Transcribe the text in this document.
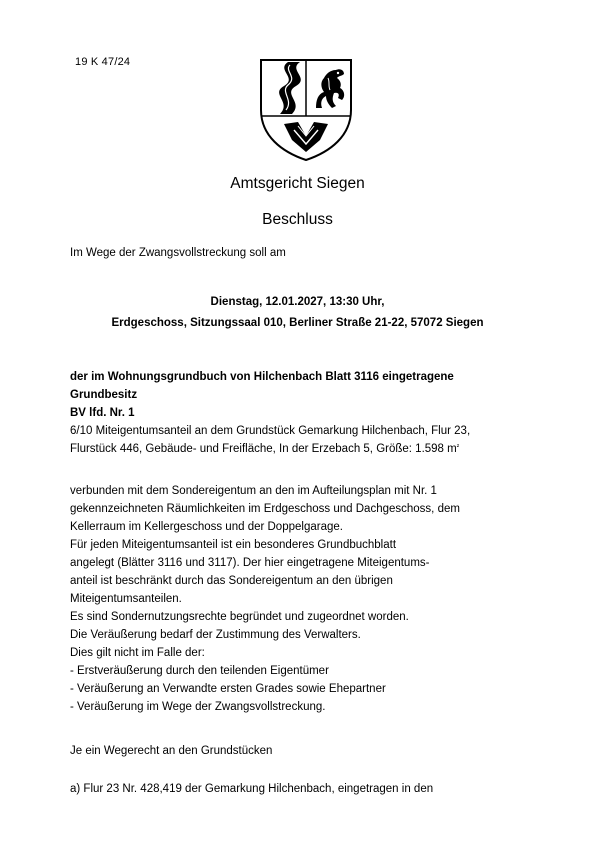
19 K 47/24
Amtsgericht Siegen
Beschluss
Im Wege der Zwangsvollstreckung soll am
Dienstag, 12.01.2027, 13:30 Uhr,
Erdgeschoss, Sitzungssaal 010, Berliner Straße 21-22, 57072 Siegen
der im Wohnungsgrundbuch von Hilchenbach Blatt 3116 eingetragene
Grundbesitz
BV lfd. Nr. 1
6/10 Miteigentumsanteil an dem Grundstück Gemarkung Hilchenbach, Flur 23,
Flurstück 446, Gebäude- und Freifläche, In der Erzebach 5, Größe: 1.598 $m^{^2}$
verbunden mit dem Sondereigentum an den im Aufteilungsplan mit Nr. 1
gekennzeichneten Räumlichkeiten im Erdgeschoss und Dachgeschoss, dem
Kellerraum im Kellergeschoss und der Doppelgarage.
Für jeden Miteigentumsanteil ist ein besonderes Grundbuchblatt
angelegt (Blätter 3116 und 3117). Der hier eingetragene Miteigentums-
anteil ist beschränkt durch das Sondereigentum an den übrigen
Miteigentumsanteilen.
Es sind Sondernutzungsrechte begründet und zugeordnet worden.
Die Veräußerung bedarf der Zustimmung des Verwalters.
Dies gilt nicht im Falle der:
- Erstveräußerung durch den teilenden Eigentümer
- Veräußerung an Verwandte ersten Grades sowie Ehepartner
- Veräußerung im Wege der Zwangsvollstreckung.
Je ein Wegerecht an den Grundstücken
a) Flur 23 Nr. 428,419 der Gemarkung Hilchenbach, eingetragen in den
